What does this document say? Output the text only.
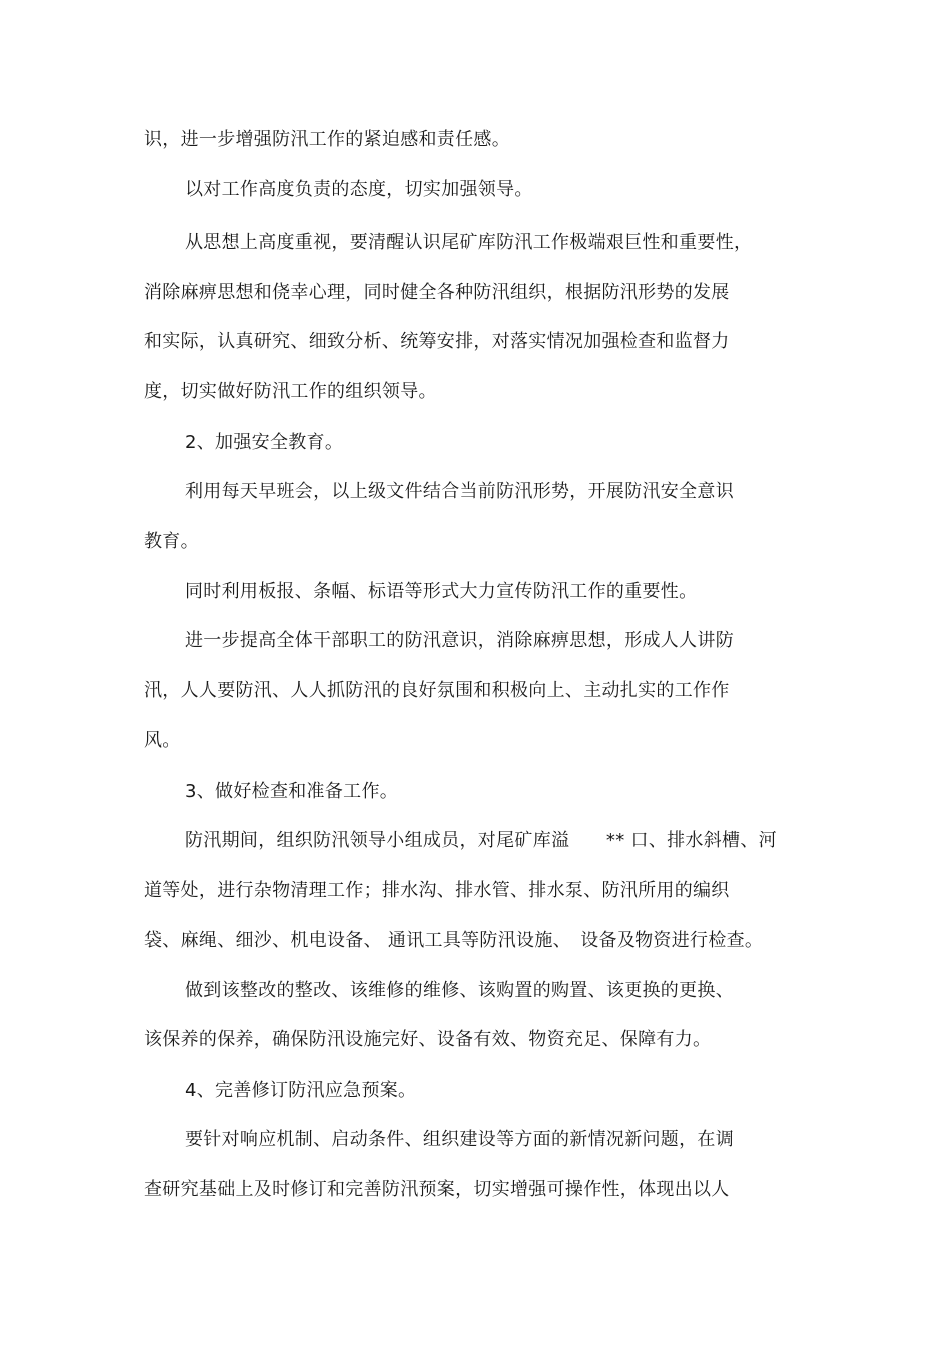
识，进一步增强防汛工作的紧迫感和责任感。
以对工作高度负责的态度，切实加强领导。
从思想上高度重视，要清醒认识尾矿库防汛工作极端艰巨性和重要性，
消除麻痹思想和侥幸心理，同时健全各种防汛组织，根据防汛形势的发展
和实际，认真研究、细致分析、统筹安排，对落实情况加强检查和监督力
度，切实做好防汛工作的组织领导。
2、加强安全教育。
利用每天早班会，以上级文件结合当前防汛形势，开展防汛安全意识
教育。
同时利用板报、条幅、标语等形式大力宣传防汛工作的重要性。
进一步提高全体干部职工的防汛意识，消除麻痹思想，形成人人讲防
汛，人人要防汛、人人抓防汛的良好氛围和积极向上、主动扎实的工作作
风。
3、做好检查和准备工作。
防汛期间，组织防汛领导小组成员，对尾矿库溢　　** 口、排水斜槽、河
道等处，进行杂物清理工作；排水沟、排水管、排水泵、防汛所用的编织
袋、麻绳、细沙、机电设备、 通讯工具等防汛设施、　设备及物资进行检查。
做到该整改的整改、该维修的维修、该购置的购置、该更换的更换、
该保养的保养，确保防汛设施完好、设备有效、物资充足、保障有力。
4、完善修订防汛应急预案。
要针对响应机制、启动条件、组织建设等方面的新情况新问题，在调
查研究基础上及时修订和完善防汛预案，切实增强可操作性，体现出以人
